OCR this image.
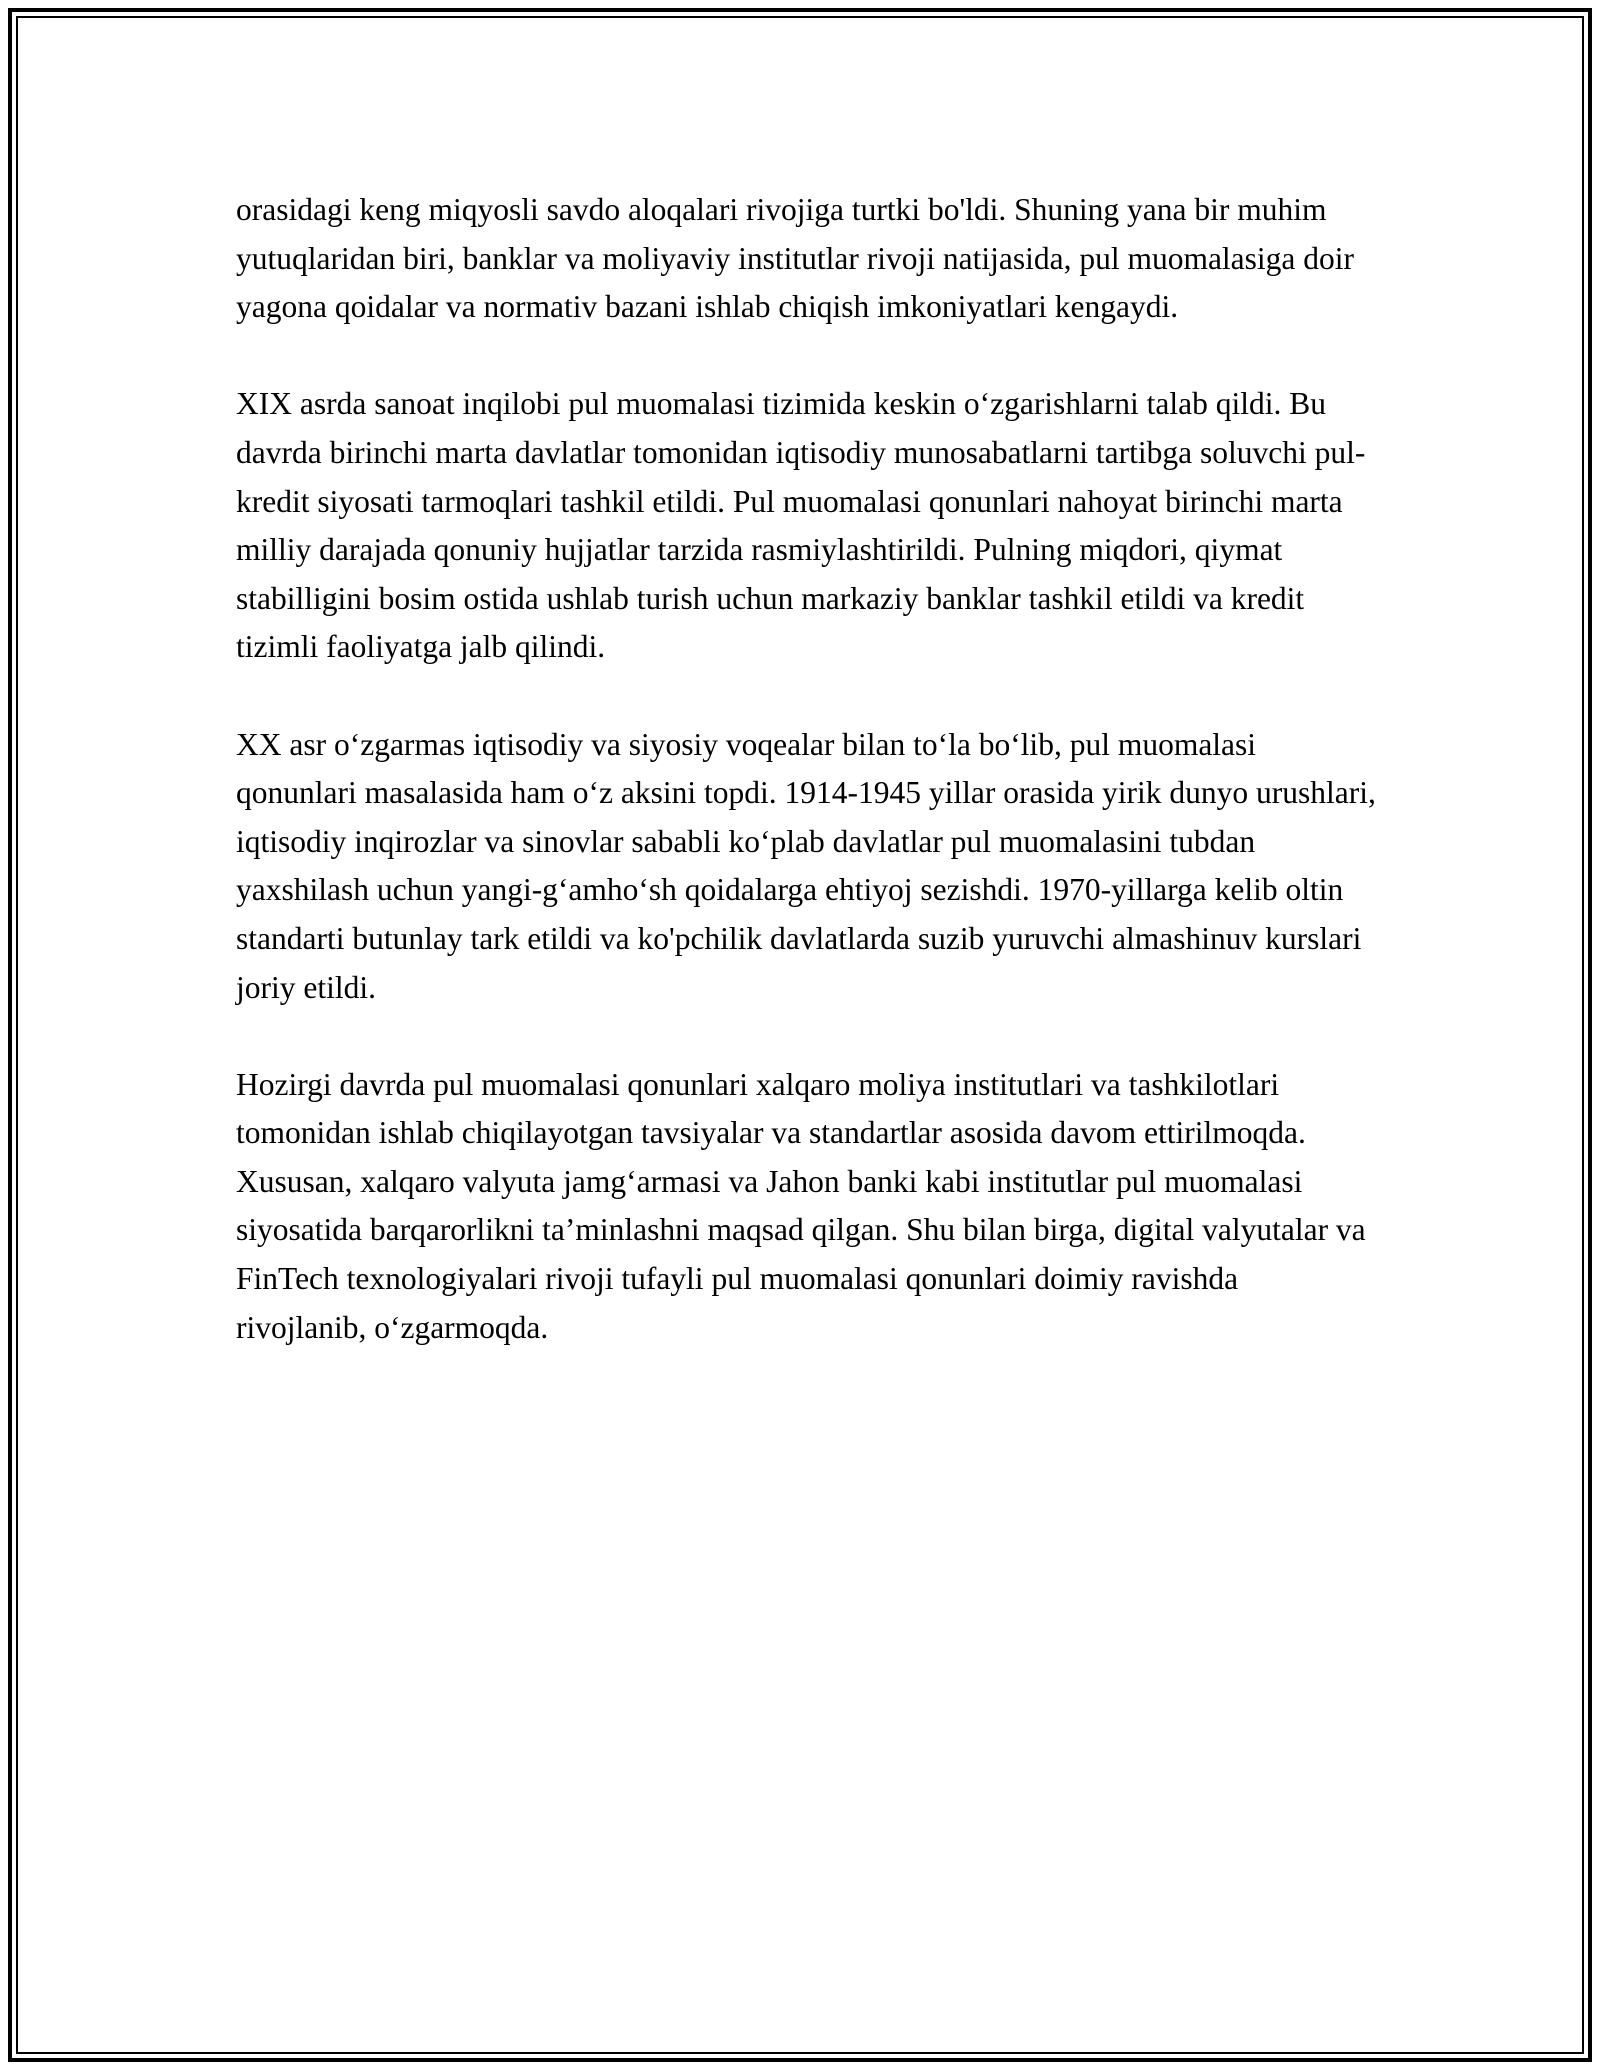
orasidagi keng miqyosli savdo aloqalari rivojiga turtki bo'ldi. Shuning yana bir muhim yutuqlaridan biri, banklar va moliyaviy institutlar rivoji natijasida, pul muomalasiga doir yagona qoidalar va normativ bazani ishlab chiqish imkoniyatlari kengaydi.

XIX asrda sanoat inqilobi pul muomalasi tizimida keskin o‘zgarishlarni talab qildi. Bu davrda birinchi marta davlatlar tomonidan iqtisodiy munosabatlarni tartibga soluvchi pul-kredit siyosati tarmoqlari tashkil etildi. Pul muomalasi qonunlari nahoyat birinchi marta milliy darajada qonuniy hujjatlar tarzida rasmiylashtirildi. Pulning miqdori, qiymat stabilligini bosim ostida ushlab turish uchun markaziy banklar tashkil etildi va kredit tizimli faoliyatga jalb qilindi.

XX asr o‘zgarmas iqtisodiy va siyosiy voqealar bilan to‘la bo‘lib, pul muomalasi qonunlari masalasida ham o‘z aksini topdi. 1914-1945 yillar orasida yirik dunyo urushlari, iqtisodiy inqirozlar va sinovlar sababli ko‘plab davlatlar pul muomalasini tubdan yaxshilash uchun yangi-g‘amho‘sh qoidalarga ehtiyoj sezishdi. 1970-yillarga kelib oltin standarti butunlay tark etildi va ko'pchilik davlatlarda suzib yuruvchi almashinuv kurslari joriy etildi.

Hozirgi davrda pul muomalasi qonunlari xalqaro moliya institutlari va tashkilotlari tomonidan ishlab chiqilayotgan tavsiyalar va standartlar asosida davom ettirilmoqda. Xususan, xalqaro valyuta jamg‘armasi va Jahon banki kabi institutlar pul muomalasi siyosatida barqarorlikni ta’minlashni maqsad qilgan. Shu bilan birga, digital valyutalar va FinTech texnologiyalari rivoji tufayli pul muomalasi qonunlari doimiy ravishda rivojlanib, o‘zgarmoqda.
